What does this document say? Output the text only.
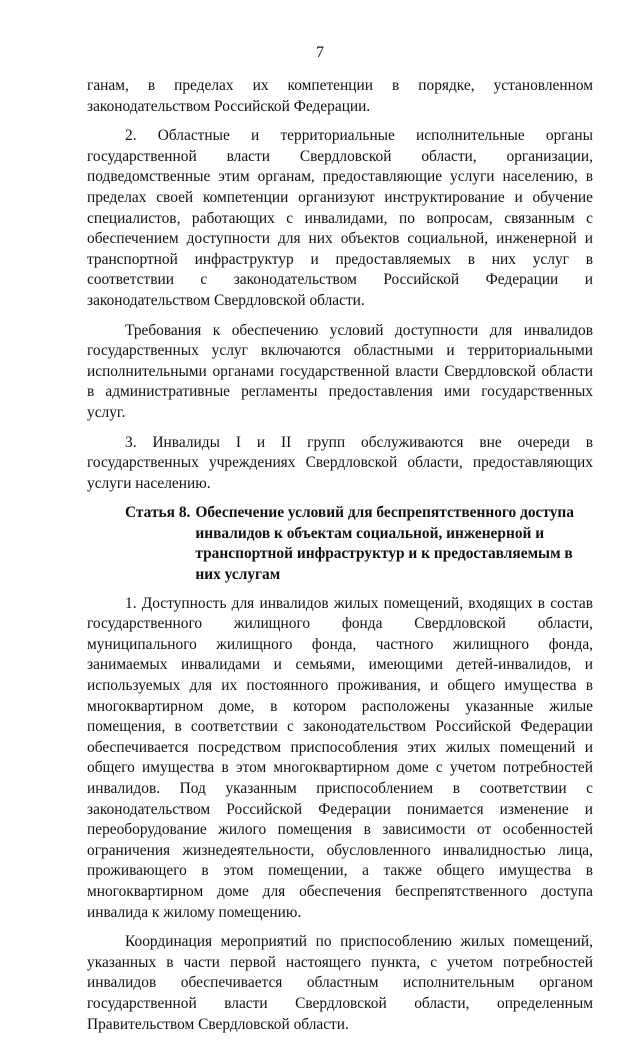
7

ганам, в пределах их компетенции в порядке, установленном законодательством Российской Федерации.

2. Областные и территориальные исполнительные органы государственной власти Свердловской области, организации, подведомственные этим органам, предоставляющие услуги населению, в пределах своей компетенции организуют инструктирование и обучение специалистов, работающих с инвалидами, по вопросам, связанным с обеспечением доступности для них объектов социальной, инженерной и транспортной инфраструктур и предоставляемых в них услуг в соответствии с законодательством Российской Федерации и законодательством Свердловской области.

Требования к обеспечению условий доступности для инвалидов государственных услуг включаются областными и территориальными исполнительными органами государственной власти Свердловской области в административные регламенты предоставления ими государственных услуг.

3. Инвалиды I и II групп обслуживаются вне очереди в государственных учреждениях Свердловской области, предоставляющих услуги населению.

Статья 8. Обеспечение условий для беспрепятственного доступа инвалидов к объектам социальной, инженерной и транспортной инфраструктур и к предоставляемым в них услугам

1. Доступность для инвалидов жилых помещений, входящих в состав государственного жилищного фонда Свердловской области, муниципального жилищного фонда, частного жилищного фонда, занимаемых инвалидами и семьями, имеющими детей-инвалидов, и используемых для их постоянного проживания, и общего имущества в многоквартирном доме, в котором расположены указанные жилые помещения, в соответствии с законодательством Российской Федерации обеспечивается посредством приспособления этих жилых помещений и общего имущества в этом многоквартирном доме с учетом потребностей инвалидов. Под указанным приспособлением в соответствии с законодательством Российской Федерации понимается изменение и переоборудование жилого помещения в зависимости от особенностей ограничения жизнедеятельности, обусловленного инвалидностью лица, проживающего в этом помещении, а также общего имущества в многоквартирном доме для обеспечения беспрепятственного доступа инвалида к жилому помещению.

Координация мероприятий по приспособлению жилых помещений, указанных в части первой настоящего пункта, с учетом потребностей инвалидов обеспечивается областным исполнительным органом государственной власти Свердловской области, определенным Правительством Свердловской области.
